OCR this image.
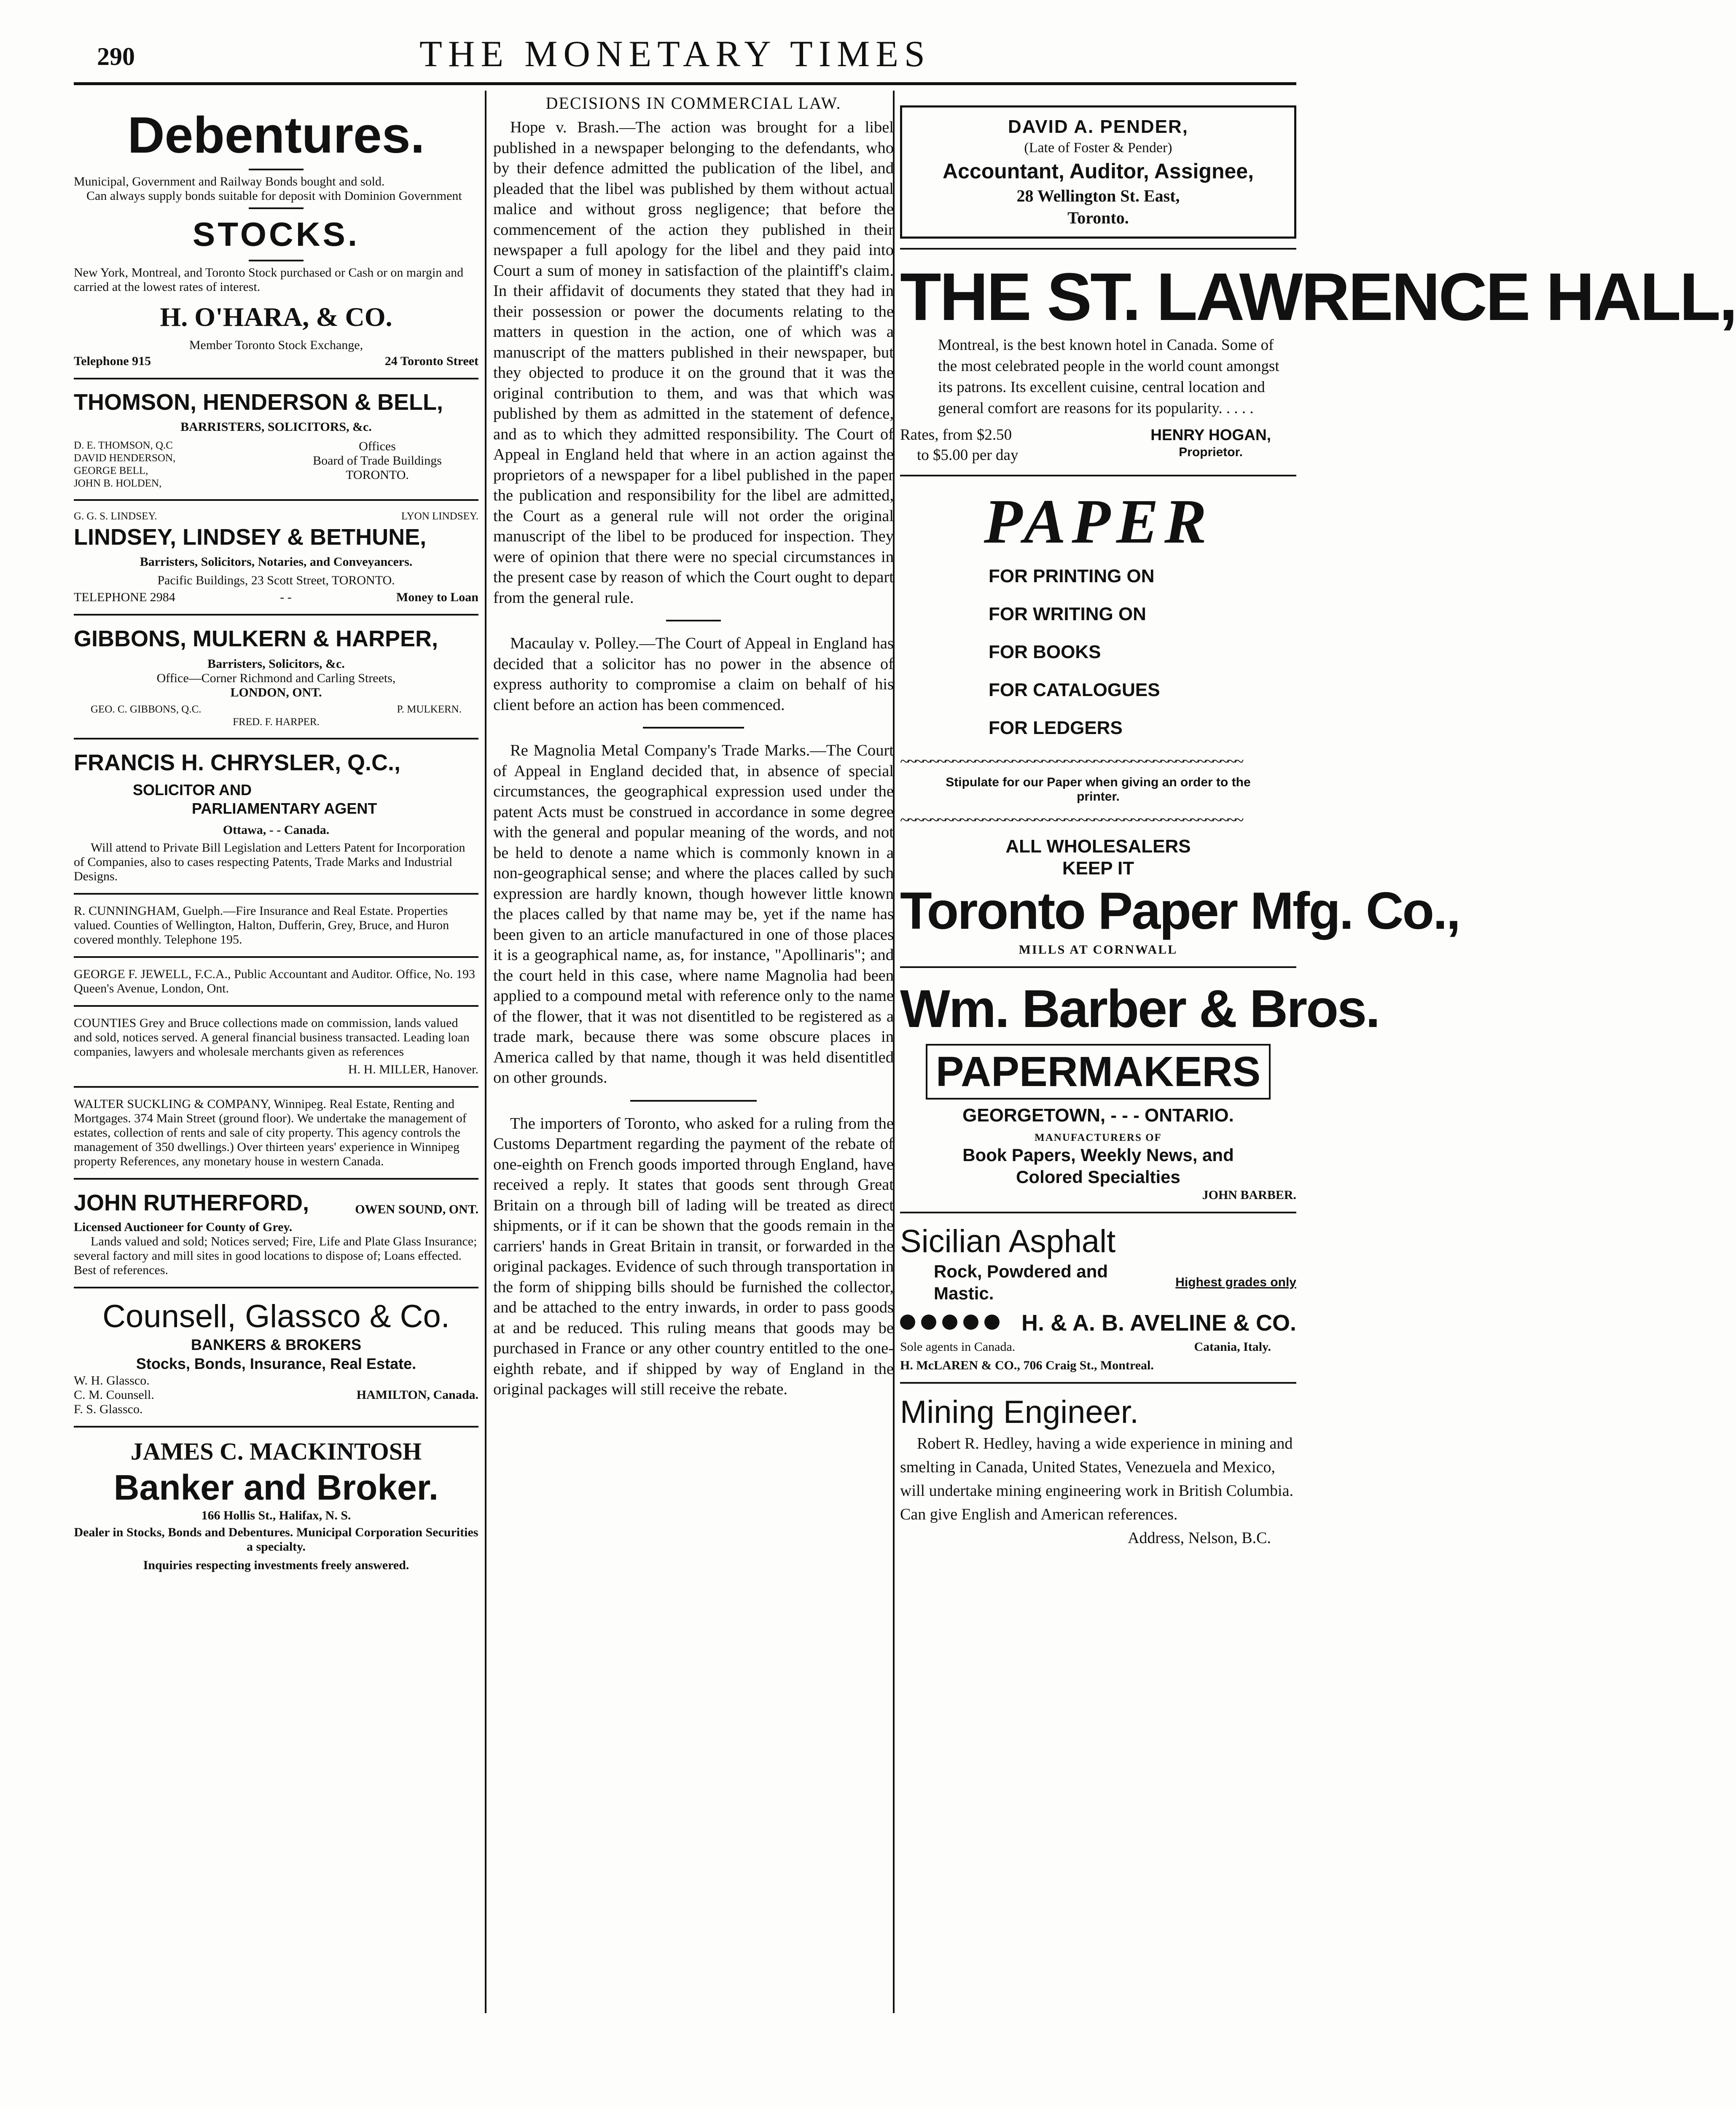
290	THE MONETARY TIMES
Debentures.
Municipal, Government and Railway Bonds bought and sold.
Can always supply bonds suitable for deposit with Dominion Government
STOCKS.
New York, Montreal, and Toronto Stock purchased or Cash or on margin and carried at the lowest rates of interest.
H. O'HARA, & CO.
Member Toronto Stock Exchange,
Telephone 915	24 Toronto Street
THOMSON, HENDERSON & BELL,
BARRISTERS, SOLICITORS, &c.
D. E. THOMSON, Q.C
DAVID HENDERSON,
GEORGE BELL,
JOHN B. HOLDEN,
Offices
Board of Trade Buildings
TORONTO.
G. G. S. LINDSEY.	LYON LINDSEY.
LINDSEY, LINDSEY & BETHUNE,
Barristers, Solicitors, Notaries, and Conveyancers.
Pacific Buildings, 23 Scott Street, TORONTO.
TELEPHONE 2984	- -	Money to Loan
GIBBONS, MULKERN & HARPER,
Barristers, Solicitors, &c.
Office—Corner Richmond and Carling Streets,
LONDON, ONT.
GEO. C. GIBBONS, Q.C.	P. MULKERN.
FRED. F. HARPER.
FRANCIS H. CHRYSLER, Q.C.,
SOLICITOR AND
PARLIAMENTARY AGENT
Ottawa, - - Canada.
Will attend to Private Bill Legislation and Letters Patent for Incorporation of Companies, also to cases respecting Patents, Trade Marks and Industrial Designs.
R. CUNNINGHAM, Guelph.—Fire Insurance and Real Estate. Properties valued. Counties of Wellington, Halton, Dufferin, Grey, Bruce, and Huron covered monthly. Telephone 195.
GEORGE F. JEWELL, F.C.A., Public Accountant and Auditor. Office, No. 193 Queen's Avenue, London, Ont.
COUNTIES Grey and Bruce collections made on commission, lands valued and sold, notices served. A general financial business transacted. Leading loan companies, lawyers and wholesale merchants given as references
H. H. MILLER, Hanover.
WALTER SUCKLING & COMPANY, Winnipeg. Real Estate, Renting and Mortgages. 374 Main Street (ground floor). We undertake the management of estates, collection of rents and sale of city property. This agency controls the management of 350 dwellings.) Over thirteen years' experience in Winnipeg property References, any monetary house in western Canada.
JOHN RUTHERFORD,	OWEN SOUND, ONT.
Licensed Auctioneer for County of Grey.
Lands valued and sold; Notices served; Fire, Life and Plate Glass Insurance; several factory and mill sites in good locations to dispose of; Loans effected. Best of references.
Counsell, Glassco & Co.
BANKERS & BROKERS
Stocks, Bonds, Insurance, Real Estate.
W. H. Glassco.
C. M. Counsell.
F. S. Glassco.
HAMILTON, Canada.
JAMES C. MACKINTOSH
Banker and Broker.
166 Hollis St., Halifax, N. S.
Dealer in Stocks, Bonds and Debentures. Municipal Corporation Securities a specialty.
Inquiries respecting investments freely answered.
DECISIONS IN COMMERCIAL LAW.

Hope v. Brash.—The action was brought for a libel published in a newspaper belonging to the defendants, who by their defence admitted the publication of the libel, and pleaded that the libel was published by them without actual malice and without gross negligence; that before the commencement of the action they published in their newspaper a full apology for the libel and they paid into Court a sum of money in satisfaction of the plaintiff's claim. In their affidavit of documents they stated that they had in their possession or power the documents relating to the matters in question in the action, one of which was a manuscript of the matters published in their newspaper, but they objected to produce it on the ground that it was the original contribution to them, and was that which was published by them as admitted in the statement of defence, and as to which they admitted responsibility. The Court of Appeal in England held that where in an action against the proprietors of a newspaper for a libel published in the paper the publication and responsibility for the libel are admitted, the Court as a general rule will not order the original manuscript of the libel to be produced for inspection. They were of opinion that there were no special circumstances in the present case by reason of which the Court ought to depart from the general rule.

Macaulay v. Polley.—The Court of Appeal in England has decided that a solicitor has no power in the absence of express authority to compromise a claim on behalf of his client before an action has been commenced.

Re Magnolia Metal Company's Trade Marks.—The Court of Appeal in England decided that, in absence of special circumstances, the geographical expression used under the patent Acts must be construed in accordance in some degree with the general and popular meaning of the words, and not be held to denote a name which is commonly known in a non-geographical sense; and where the places called by such expression are hardly known, though however little known the places called by that name may be, yet if the name has been given to an article manufactured in one of those places it is a geographical name, as, for instance, "Apollinaris"; and the court held in this case, where name Magnolia had been applied to a compound metal with reference only to the name of the flower, that it was not disentitled to be registered as a trade mark, because there was some obscure places in America called by that name, though it was held disentitled on other grounds.

The importers of Toronto, who asked for a ruling from the Customs Department regarding the payment of the rebate of one-eighth on French goods imported through England, have received a reply. It states that goods sent through Great Britain on a through bill of lading will be treated as direct shipments, or if it can be shown that the goods remain in the carriers' hands in Great Britain in transit, or forwarded in the original packages. Evidence of such through transportation in the form of shipping bills should be furnished the collector, and be attached to the entry inwards, in order to pass goods at and be reduced. This ruling means that goods may be purchased in France or any other country entitled to the one-eighth rebate, and if shipped by way of England in the original packages will still receive the rebate.

DAVID A. PENDER,
(Late of Foster & Pender)
Accountant, Auditor, Assignee,
28 Wellington St. East,
Toronto.
THE ST. LAWRENCE HALL,
Montreal, is the best known hotel in Canada. Some of the most celebrated people in the world count amongst its patrons. Its excellent cuisine, central location and general comfort are reasons for its popularity. . . . .
Rates, from $2.50
to $5.00 per day
HENRY HOGAN,
Proprietor.
PAPER
FOR PRINTING ON
FOR WRITING ON
FOR BOOKS
FOR CATALOGUES
FOR LEDGERS
~~~~~~~~~~~~~~~~~~~~~~~~~~~~~~~~~~~~~~~~~~~~~~
Stipulate for our Paper when giving an order to the printer.
~~~~~~~~~~~~~~~~~~~~~~~~~~~~~~~~~~~~~~~~~~~~~~
ALL WHOLESALERS
KEEP IT
Toronto Paper Mfg. Co.,
MILLS AT CORNWALL
Wm. Barber & Bros.
PAPERMAKERS
GEORGETOWN, - - - ONTARIO.
MANUFACTURERS OF
Book Papers, Weekly News, and Colored Specialties
JOHN BARBER.
Sicilian Asphalt
Rock, Powdered and Mastic.
Highest grades only
H. & A. B. AVELINE & CO.
Sole agents in Canada.	Catania, Italy.
H. McLAREN & CO., 706 Craig St., Montreal.
Mining Engineer.
Robert R. Hedley, having a wide experience in mining and smelting in Canada, United States, Venezuela and Mexico, will undertake mining engineering work in British Columbia. Can give English and American references.
Address, Nelson, B.C.
